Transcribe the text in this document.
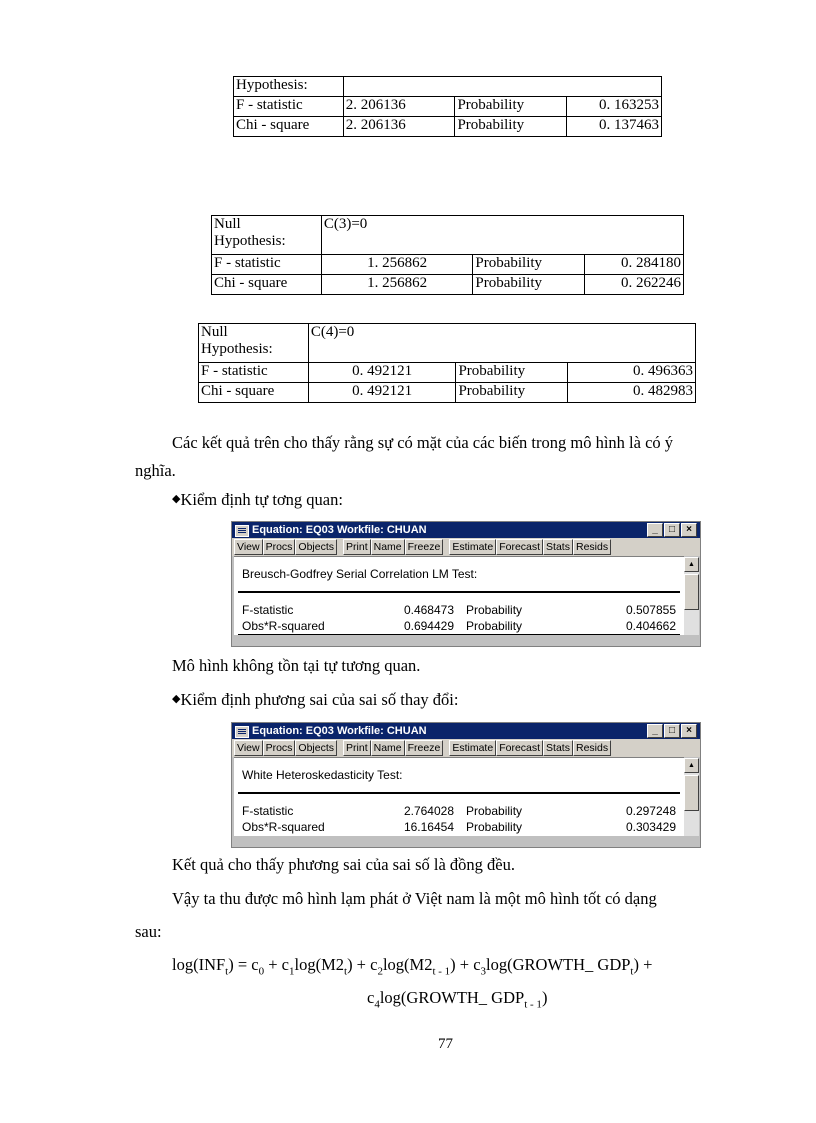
Hypothesis:			
F - statistic	2. 206136	Probability	0. 163253
Chi - square	2. 206136	Probability	0. 137463
Null
Hypothesis:	C(3)=0		
F - statistic	1. 256862	Probability	0. 284180
Chi - square	1. 256862	Probability	0. 262246
Null
Hypothesis:	C(4)=0		
F - statistic	0. 492121	Probability	0. 496363
Chi - square	0. 492121	Probability	0. 482983
Các kết quả trên cho thấy rằng sự có mặt của các biến trong mô hình là có ý
nghĩa.
◆Kiểm định tự tơng quan:
Equation: EQ03 Workfile: CHUAN	_	□	×
View Procs Objects Print Name Freeze Estimate Forecast Stats Resids
Breusch-Godfrey Serial Correlation LM Test:
F-statistic	0.468473 Probability	0.507855
Obs*R-squared	0.694429 Probability	0.404662
▲
Mô hình không tồn tại tự tương quan.
◆Kiểm định phương sai của sai số thay đổi:
Equation: EQ03 Workfile: CHUAN	_	□	×
View Procs Objects Print Name Freeze Estimate Forecast Stats Resids
White Heteroskedasticity Test:
F-statistic	2.764028 Probability	0.297248
Obs*R-squared	16.16454 Probability	0.303429
▲
Kết quả cho thấy phương sai của sai số là đồng đều.
Vậy ta thu được mô hình lạm phát ở Việt nam là một mô hình tốt có dạng
sau:
$\log(INF_t) = c_0 + c_1\log(M2_t) + c_2\log(M2_{t - 1})$ + $c_3\log(GROWTH\_$ $GDP_t$) +
$c_4\log(GROWTH\_$ $GDP_{t - 1}$)
77
